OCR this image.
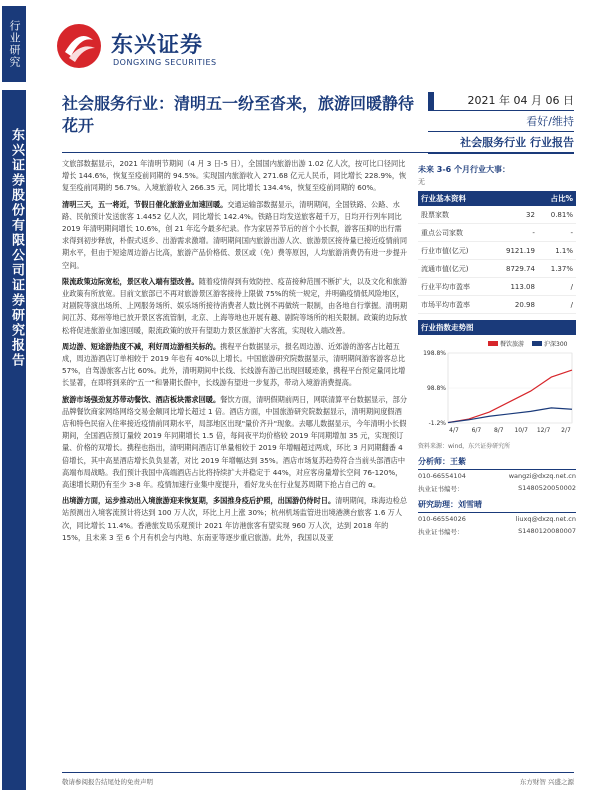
行业研究
东兴证券股份有限公司证券研究报告
东兴证券
DONGXING SECURITIES
社会服务行业：清明五一纷至沓来，旅游回暖静待花开
2021 年 04 月 06 日
看好/维持
社会服务行业 行业报告

文旅部数据显示，2021 年清明节期间（4 月 3 日-5 日），全国国内旅游出游 1.02 亿人次，按可比口径同比增长 144.6%，恢复至疫前同期的 94.5%。实现国内旅游收入 271.68 亿元人民币，同比增长 228.9%，恢复至疫前同期的 56.7%。入境旅游收入 266.35 元，同比增长 134.4%，恢复至疫前同期的 60%。

清明三天，五一将近，节假日催化旅游业加速回暖。交通运输部数据显示，清明期间，全国铁路、公路、水路、民航预计发送旅客 1.4452 亿人次，同比增长 142.4%。铁路日均发送旅客超千万，日均开行列车同比 2019 年清明期间增长 10.6%，创 21 年迄今最多纪录。作为家居养节后的首个小长假，游客压抑的出行需求得到初步释放，朴假式返乡、出游需求激增。清明期间国内旅游出游人次、旅游景区接待量已接近疫情前同期水平，但由于短途周边游占比高，旅游产品价格低、景区或（免）费等原因，人均旅游消费仍有进一步提升空间。

限流政策边际宽松，景区收入端有望改善。随着疫情得到有效防控、疫苗接种范围不断扩大，以及文化和旅游业政策有所放宽。目前文旅部已不再对旅游景区游客接待上限做 75%的统一规定，并明确疫情低风险地区，对剧院等演出场所、上网服务场所、娱乐场所接待消费者人数比例不再做统一限制，由各地自行掌握。清明期间江苏、郑州等地已放开景区客流管制，北京、上海等地也开展有趣、剧院等场所的相关限制。政策的边际放松将促进旅游业加速回暖，限流政策的放开有望助力景区旅游扩大客流，实现收入端改善。

周边游、短途游热度不减，利好周边游相关标的。携程平台数据显示，报名周边游、近郊游的游客占比超五成，周边游酒店订单相较于 2019 年也有 40%以上增长。中国旅游研究院数据显示，清明期间游客游客总比 57%，自驾游旅客占比 60%。此外，清明期间中长线、长线游有游己出现回暖迹象，携程平台预定量同比增长显著，在即将到来的"五一"和暑期长假中，长线游有望进一步复苏，带动入境游消费提高。

旅游市场强劲复苏带动餐饮、酒店板块需求回暖。餐饮方面，清明假期前两日，网联清算平台数据显示，部分品牌餐饮商家网络网络交易金额同比增长超过 1 倍。酒店方面，中国旅游研究院数据显示，清明期间度假酒店和特色民宿入住率接近疫情前同期水平，局部地区出现"量价齐升"现象。去哪儿数据显示，今年清明小长假期间，全国酒店预订量较 2019 年同期增长 1.5 倍，每间夜平均价格较 2019 年同期增加 35 元，实现预订量、价格的双增长。携程也指出，清明期间酒店订单量相较于 2019 年增幅超过两成，环比 3 月同期翻番 4 倍增长，其中高星酒店增长负负显著，对比 2019 年增幅达到 35%。酒店市场复苏趋势符合当前头部酒店中高端布局战略。我们预计我国中高端酒店占比将持续扩大并稳定于 44%，对应客房量增长空间 76-120%，高速增长期仍有至少 3-8 年。疫情加速行业集中度提升，看好龙头在行业复苏周期下抢占自己的 α。

出境游方面，运步推动出入境旅游迎来恢复期，多国推身疫后护照，出国游仍待时日。清明期间，珠海边检总站预测出入境客流预计将达到 100 万人次，环比上月上涨 30%；杭州机场监管进出境港澳台旅客 1.6 万人次，同比增长 11.4%。香港旅发局乐观预计 2021 年访港旅客有望实现 960 万人次，达到 2018 年的 15%，且未来 3 至 6 个月有机会与内地、东南亚等逐步重启旅游。此外，我国以及亚

未来 3-6 个月行业大事：
无
行业基本资料		占比%
股票家数	32	0.81%
重点公司家数	-	-
行业市值(亿元)	9121.19	1.1%
流通市值(亿元)	8729.74	1.37%
行业平均市盈率	113.08	/
市场平均市盈率	20.98	/
行业指数走势图
198.8%
98.8%
-1.2%
4/7 6/7 8/7 10/7 12/7 2/7
餐饮旅游	沪深300
资料来源：wind，东兴证券研究所
分析师：王紫
010-66554104	wangzi@dxzq.net.cn
执业证书编号：	S1480520050002
研究助理：刘雪晴
010-66554026	liuxq@dxzq.net.cn
执业证书编号：	S1480120080007
敬请参阅报告结尾处的免责声明	东方财智 兴盛之源
